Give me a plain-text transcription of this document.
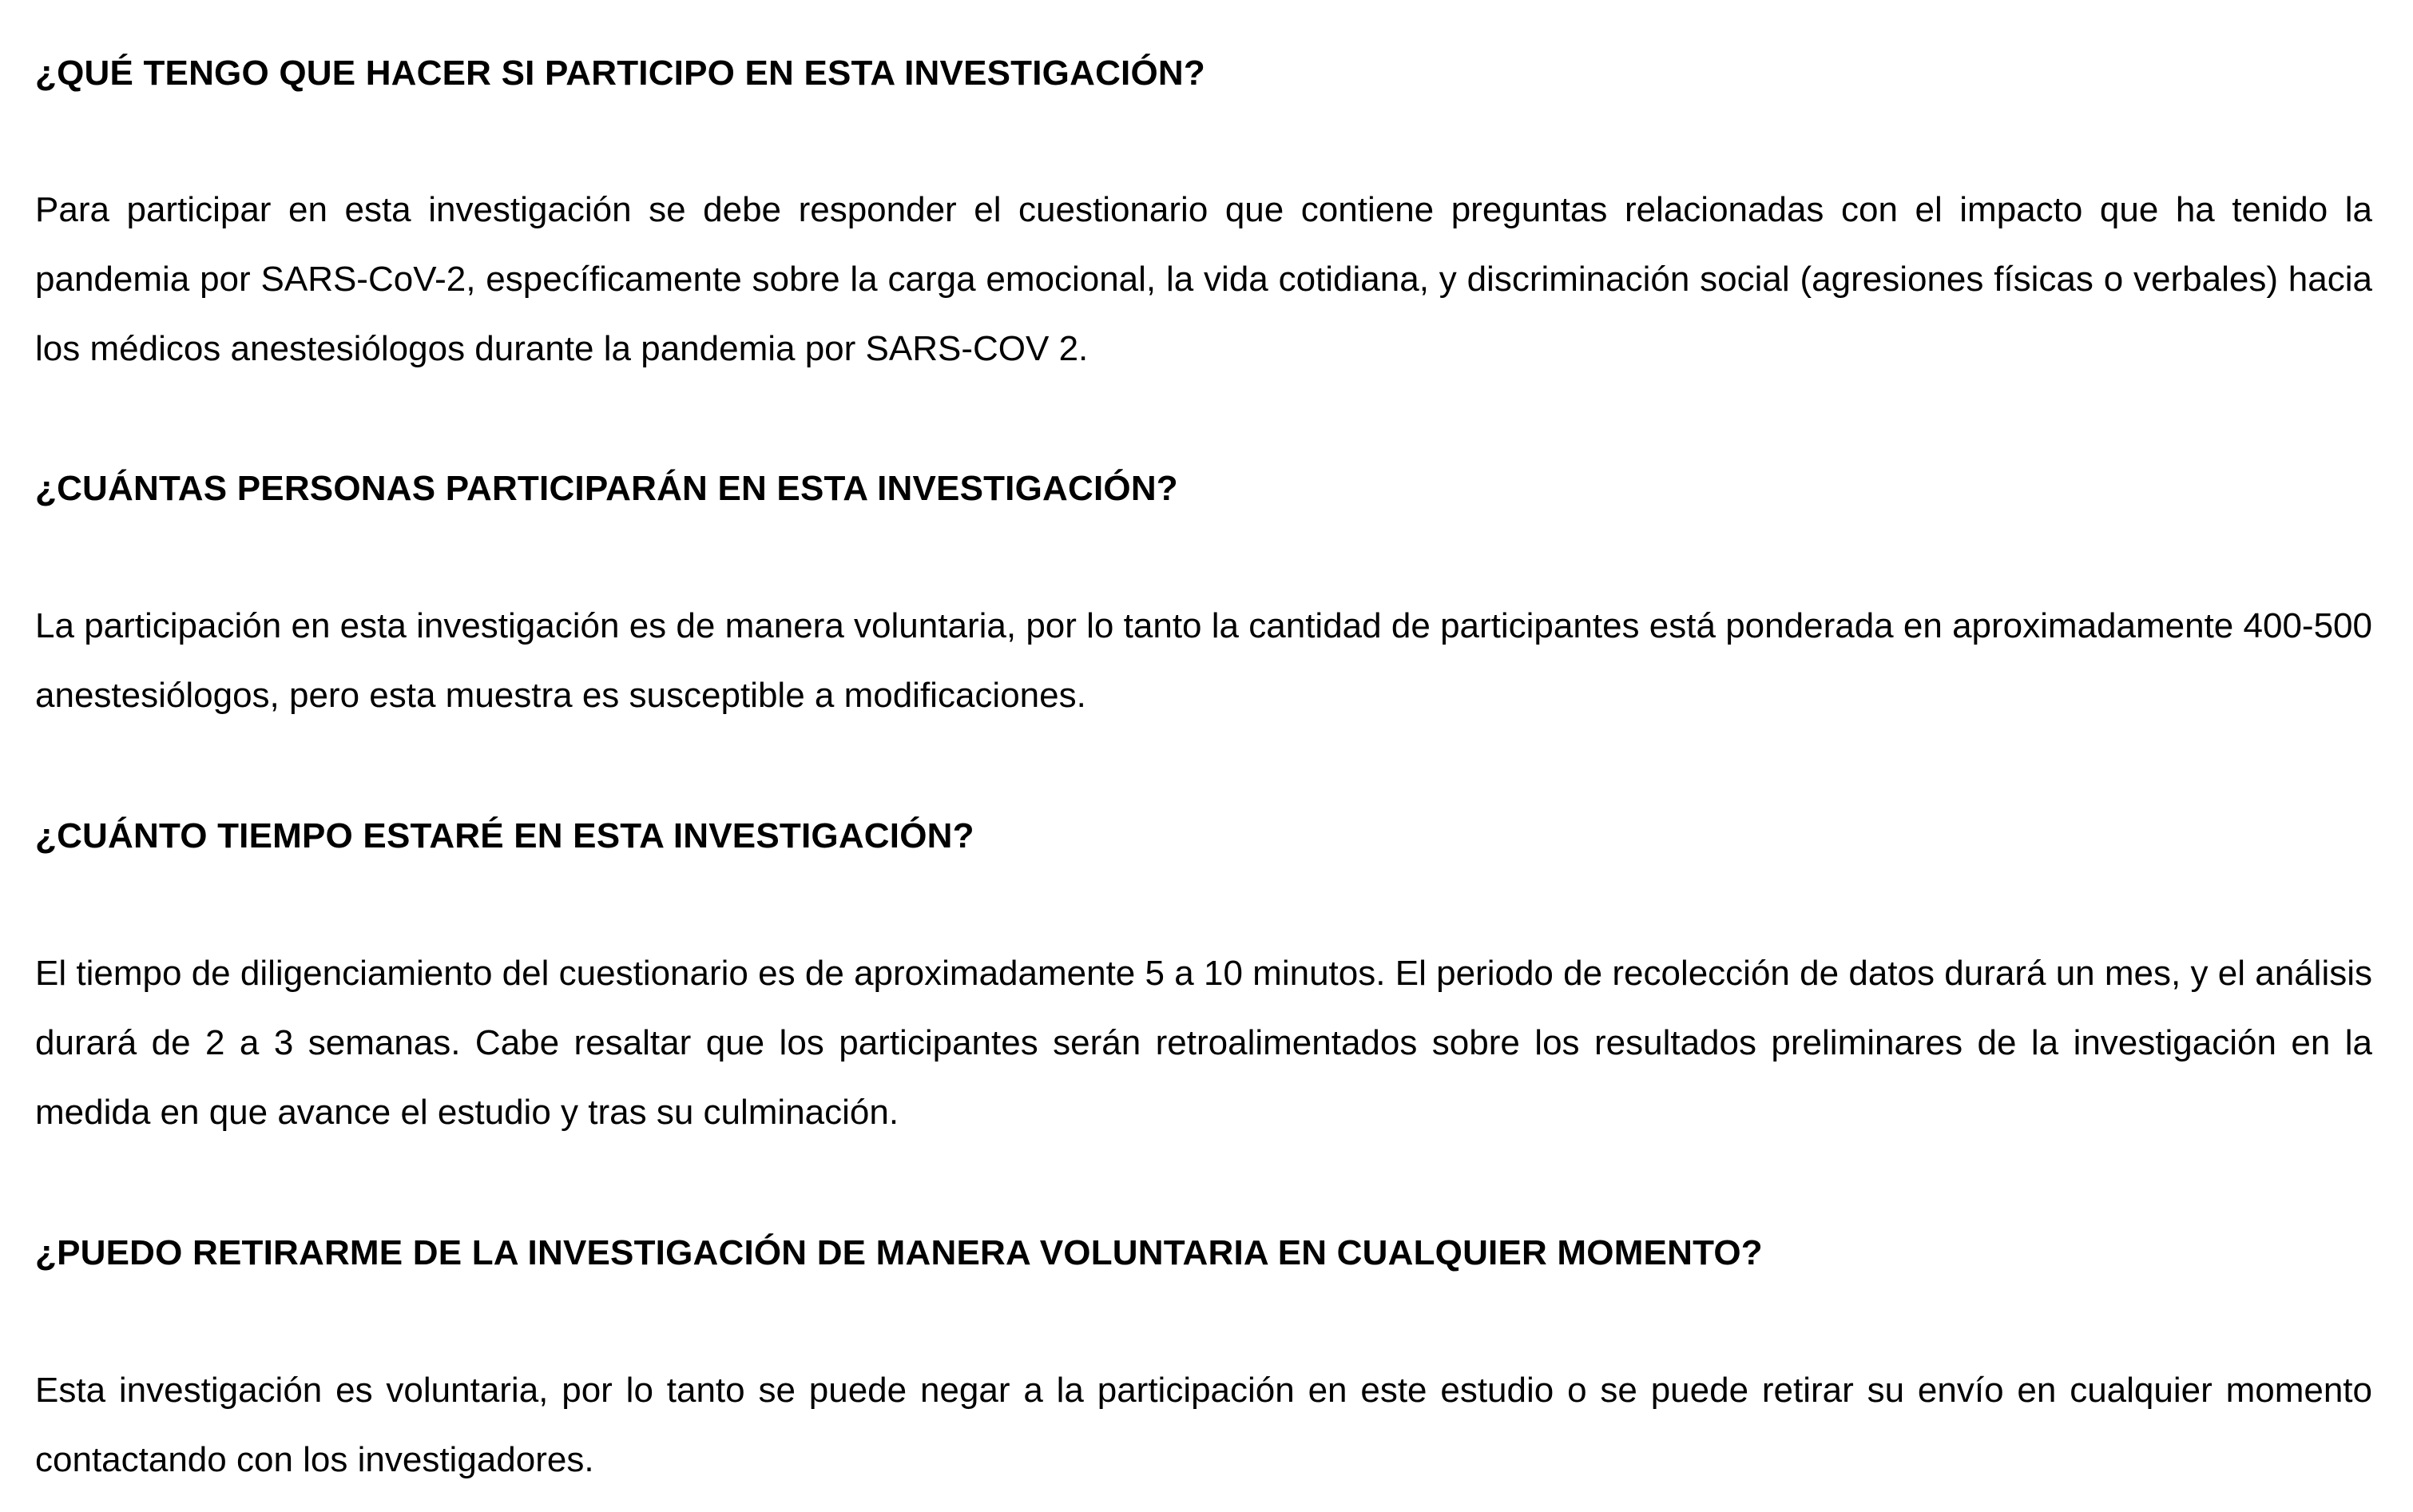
¿QUÉ TENGO QUE HACER SI PARTICIPO EN ESTA INVESTIGACIÓN?

Para participar en esta investigación se debe responder el cuestionario que contiene preguntas relacionadas con el impacto que ha tenido la pandemia por SARS-CoV-2, específicamente sobre la carga emocional, la vida cotidiana, y discriminación social (agresiones físicas o verbales) hacia los médicos anestesiólogos durante la pandemia por SARS-COV 2.

¿CUÁNTAS PERSONAS PARTICIPARÁN EN ESTA INVESTIGACIÓN?

La participación en esta investigación es de manera voluntaria, por lo tanto la cantidad de participantes está ponderada en aproximadamente 400-500 anestesiólogos, pero esta muestra es susceptible a modificaciones.

¿CUÁNTO TIEMPO ESTARÉ EN ESTA INVESTIGACIÓN?

El tiempo de diligenciamiento del cuestionario es de aproximadamente 5 a 10 minutos. El periodo de recolección de datos durará un mes, y el análisis durará de 2 a 3 semanas. Cabe resaltar que los participantes serán retroalimentados sobre los resultados preliminares de la investigación en la medida en que avance el estudio y tras su culminación.

¿PUEDO RETIRARME DE LA INVESTIGACIÓN DE MANERA VOLUNTARIA EN CUALQUIER MOMENTO?

Esta investigación es voluntaria, por lo tanto se puede negar a la participación en este estudio o se puede retirar su envío en cualquier momento contactando con los investigadores.
